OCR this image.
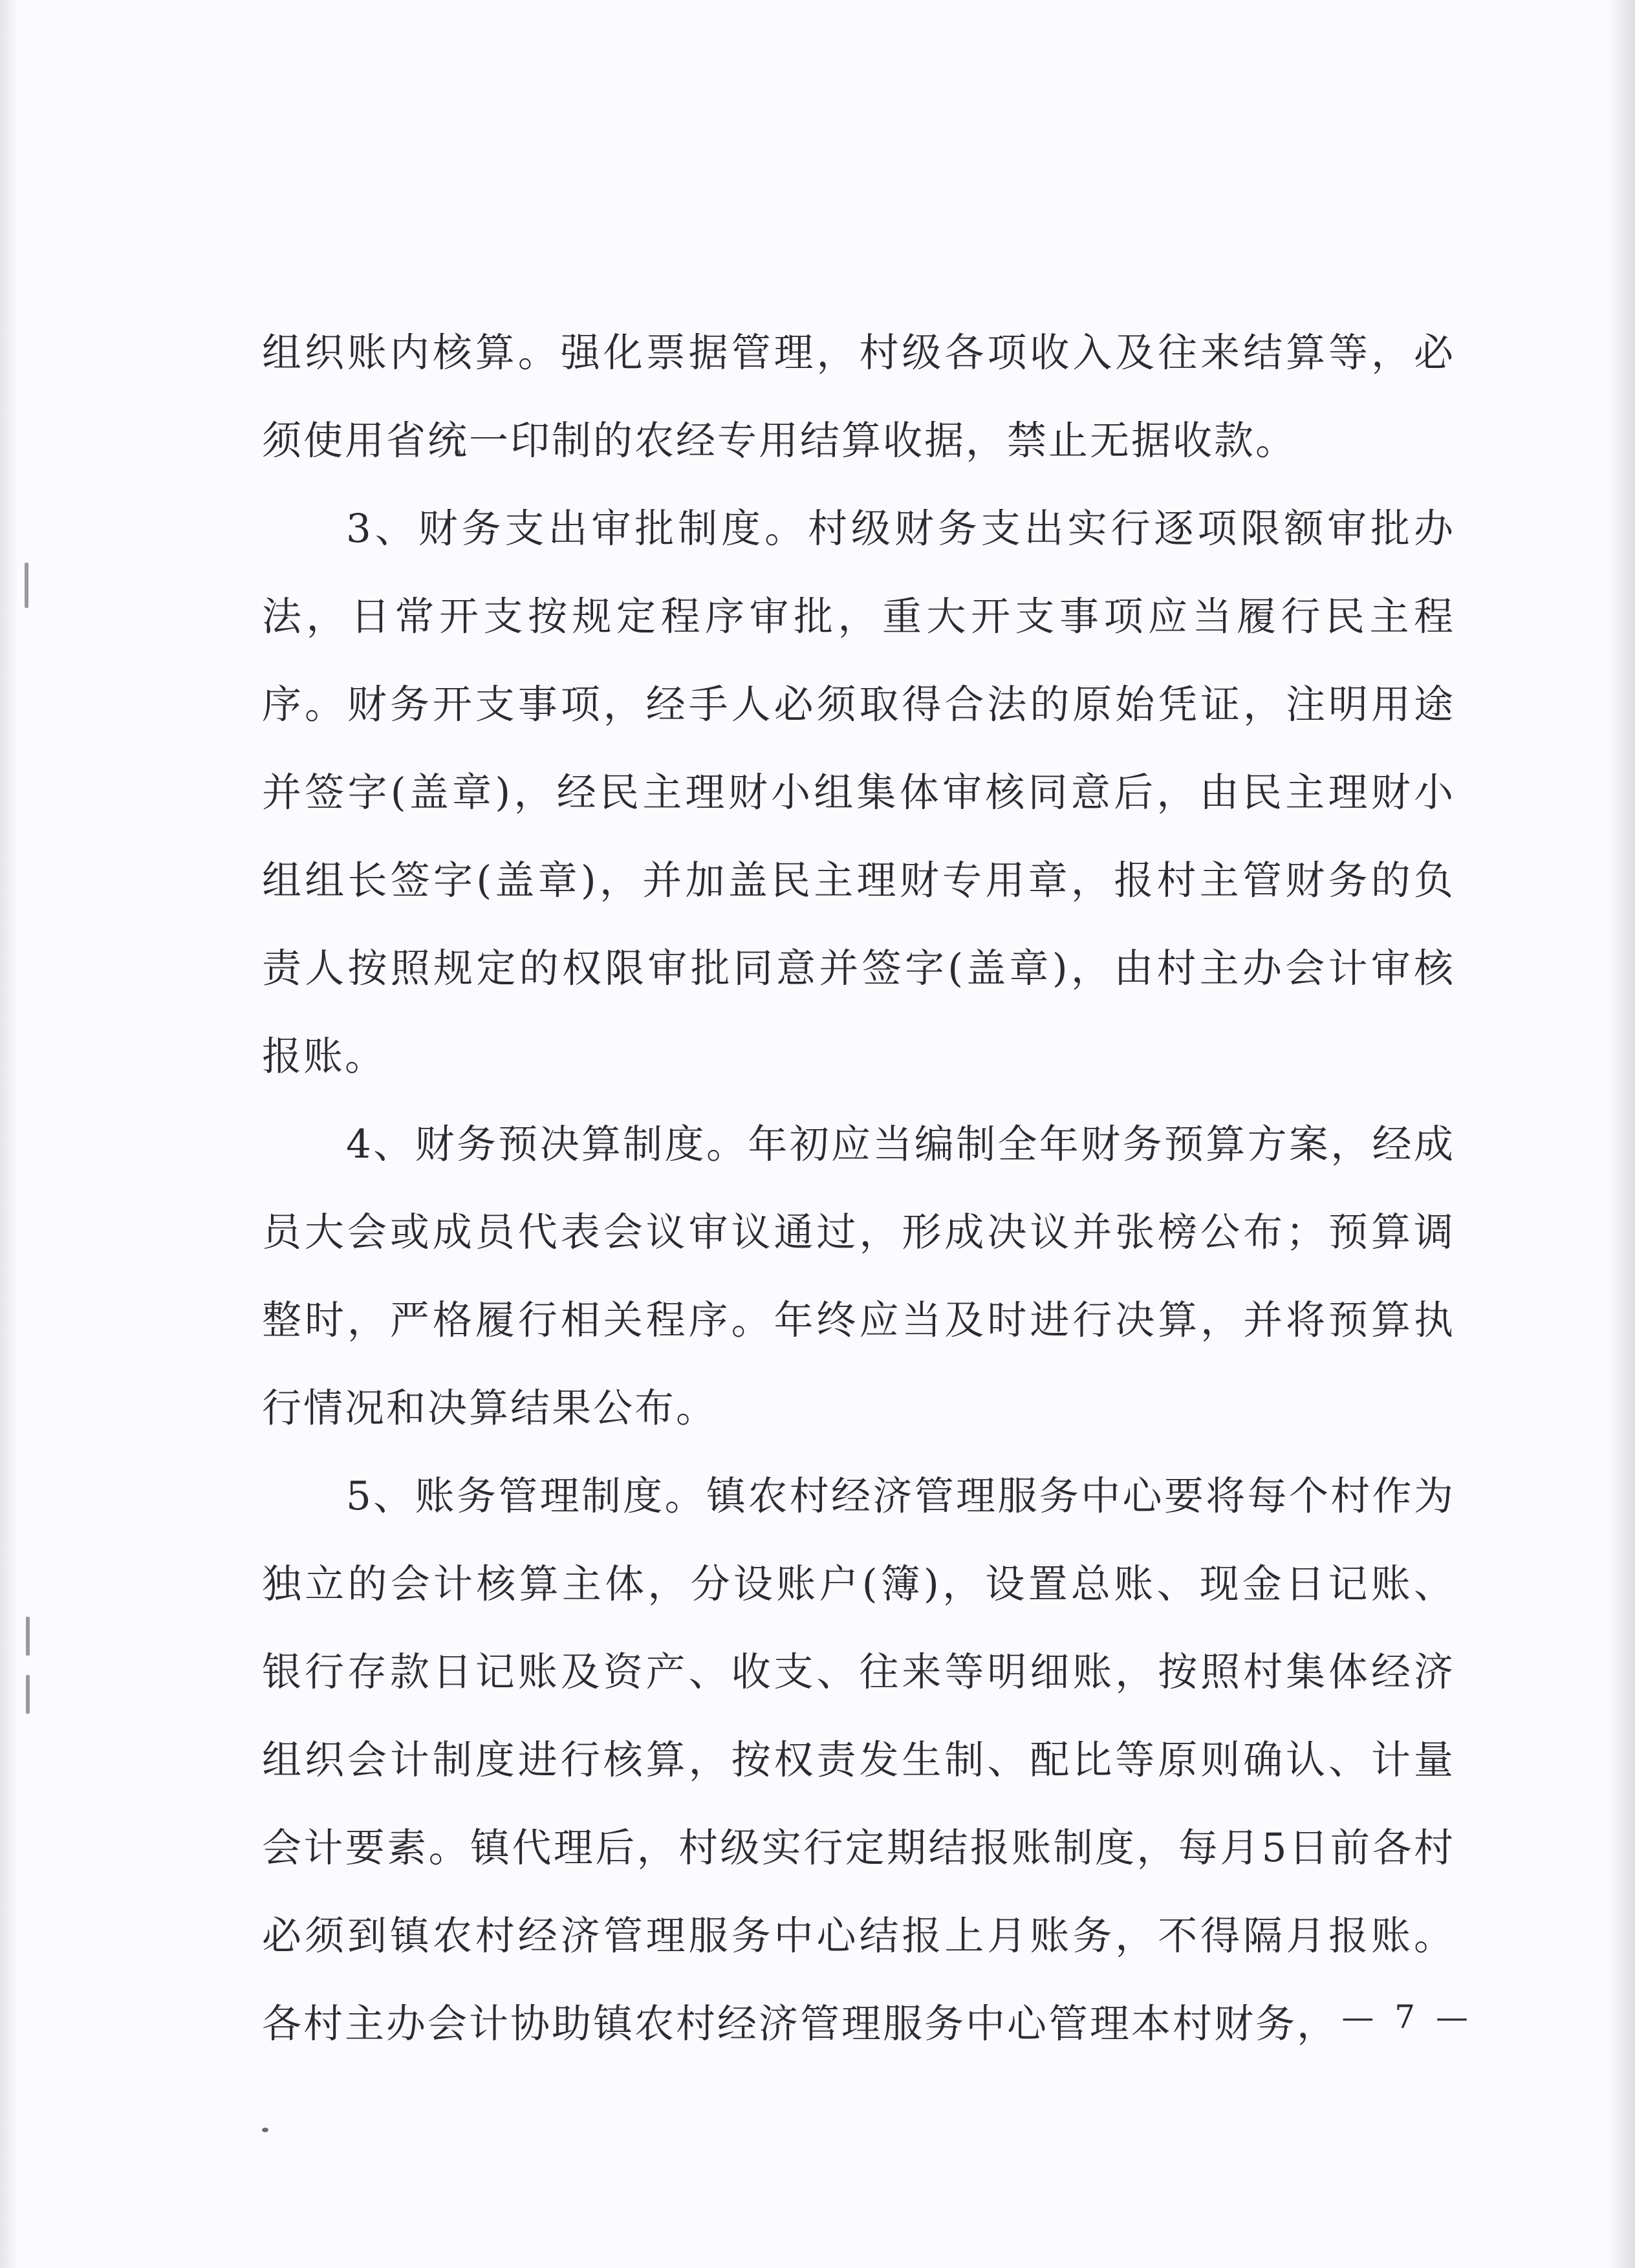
组织账内核算。强化票据管理，村级各项收入及往来结算等，必须使用省统一印制的农经专用结算收据，禁止无据收款。

3、财务支出审批制度。村级财务支出实行逐项限额审批办法，日常开支按规定程序审批，重大开支事项应当履行民主程序。财务开支事项，经手人必须取得合法的原始凭证，注明用途并签字(盖章)，经民主理财小组集体审核同意后，由民主理财小组组长签字(盖章)，并加盖民主理财专用章，报村主管财务的负责人按照规定的权限审批同意并签字(盖章)，由村主办会计审核报账。

4、财务预决算制度。年初应当编制全年财务预算方案，经成员大会或成员代表会议审议通过，形成决议并张榜公布；预算调整时，严格履行相关程序。年终应当及时进行决算，并将预算执行情况和决算结果公布。

5、账务管理制度。镇农村经济管理服务中心要将每个村作为独立的会计核算主体，分设账户(簿)，设置总账、现金日记账、银行存款日记账及资产、收支、往来等明细账，按照村集体经济组织会计制度进行核算，按权责发生制、配比等原则确认、计量会计要素。镇代理后，村级实行定期结报账制度，每月5日前各村必须到镇农村经济管理服务中心结报上月账务，不得隔月报账。各村主办会计协助镇农村经济管理服务中心管理本村财务， — 7 —
